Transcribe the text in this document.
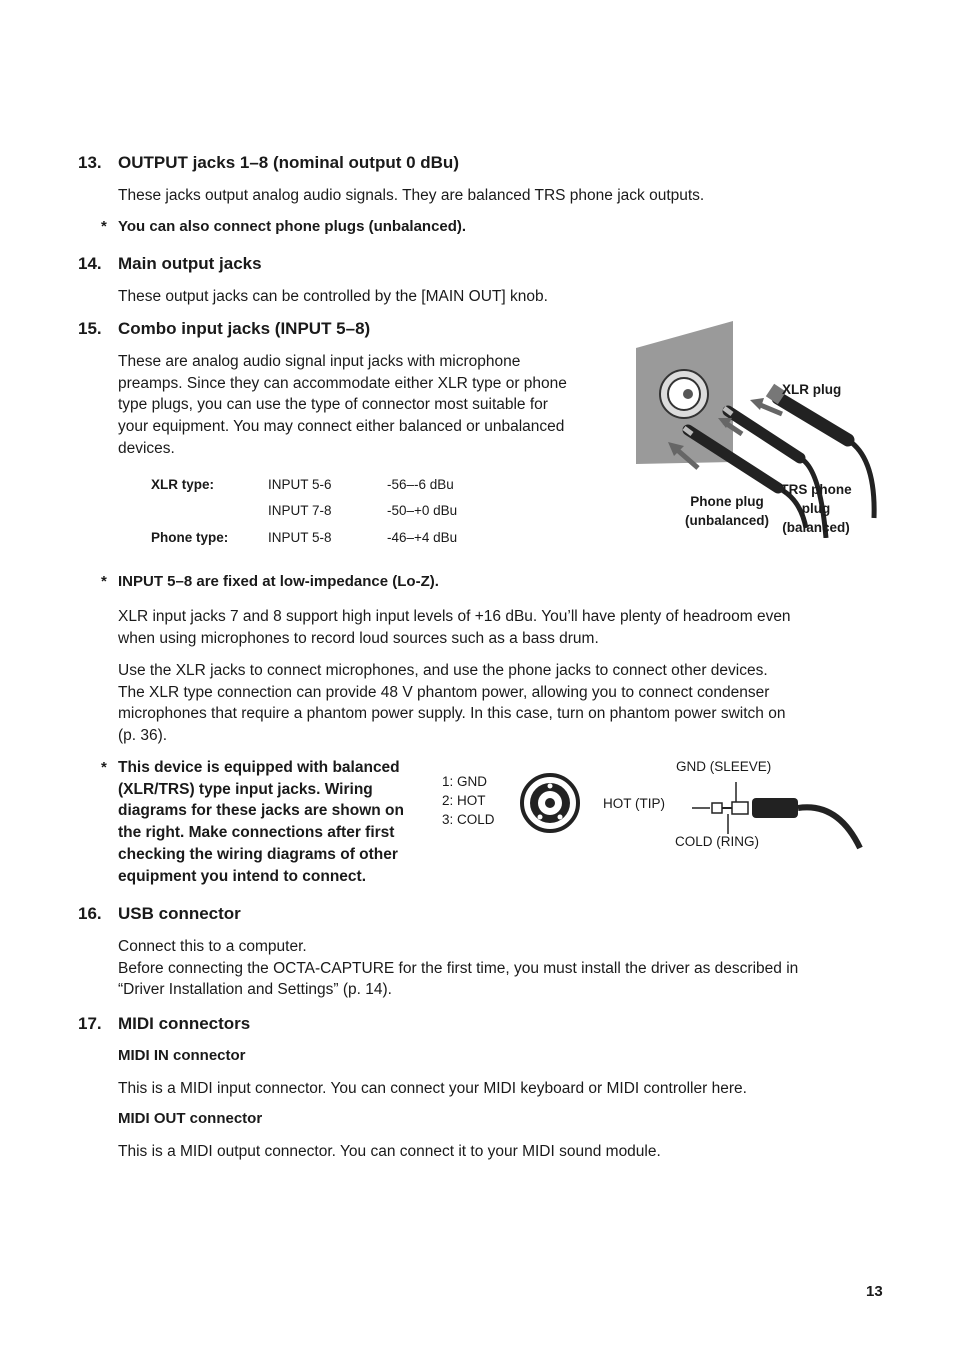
13. OUTPUT jacks 1–8 (nominal output 0 dBu)
These jacks output analog audio signals. They are balanced TRS phone jack outputs.
* You can also connect phone plugs (unbalanced).
14. Main output jacks
These output jacks can be controlled by the [MAIN OUT] knob.
15. Combo input jacks (INPUT 5–8)
These are analog audio signal input jacks with microphone
preamps. Since they can accommodate either XLR type or phone
type plugs, you can use the type of connector most suitable for
your equipment. You may connect either balanced or unbalanced
devices.
XLR type:	INPUT 5-6	-56–-6 dBu
INPUT 7-8	-50–+0 dBu
Phone type:	INPUT 5-8	-46–+4 dBu
XLR plug
Phone plug
(unbalanced)
TRS phone
plug
(balanced)
* INPUT 5–8 are fixed at low-impedance (Lo-Z).
XLR input jacks 7 and 8 support high input levels of +16 dBu. You’ll have plenty of headroom even
when using microphones to record loud sources such as a bass drum.
Use the XLR jacks to connect microphones, and use the phone jacks to connect other devices.
The XLR type connection can provide 48 V phantom power, allowing you to connect condenser
microphones that require a phantom power supply. In this case, turn on phantom power switch on
(p. 36).
* This device is equipped with balanced
(XLR/TRS) type input jacks. Wiring
diagrams for these jacks are shown on
the right. Make connections after first
checking the wiring diagrams of other
equipment you intend to connect.
1: GND
2: HOT
3: COLD
HOT (TIP)
GND (SLEEVE)
COLD (RING)
16. USB connector
Connect this to a computer.
Before connecting the OCTA-CAPTURE for the first time, you must install the driver as described in
“Driver Installation and Settings” (p. 14).
17. MIDI connectors
MIDI IN connector
This is a MIDI input connector. You can connect your MIDI keyboard or MIDI controller here.
MIDI OUT connector
This is a MIDI output connector. You can connect it to your MIDI sound module.
13
